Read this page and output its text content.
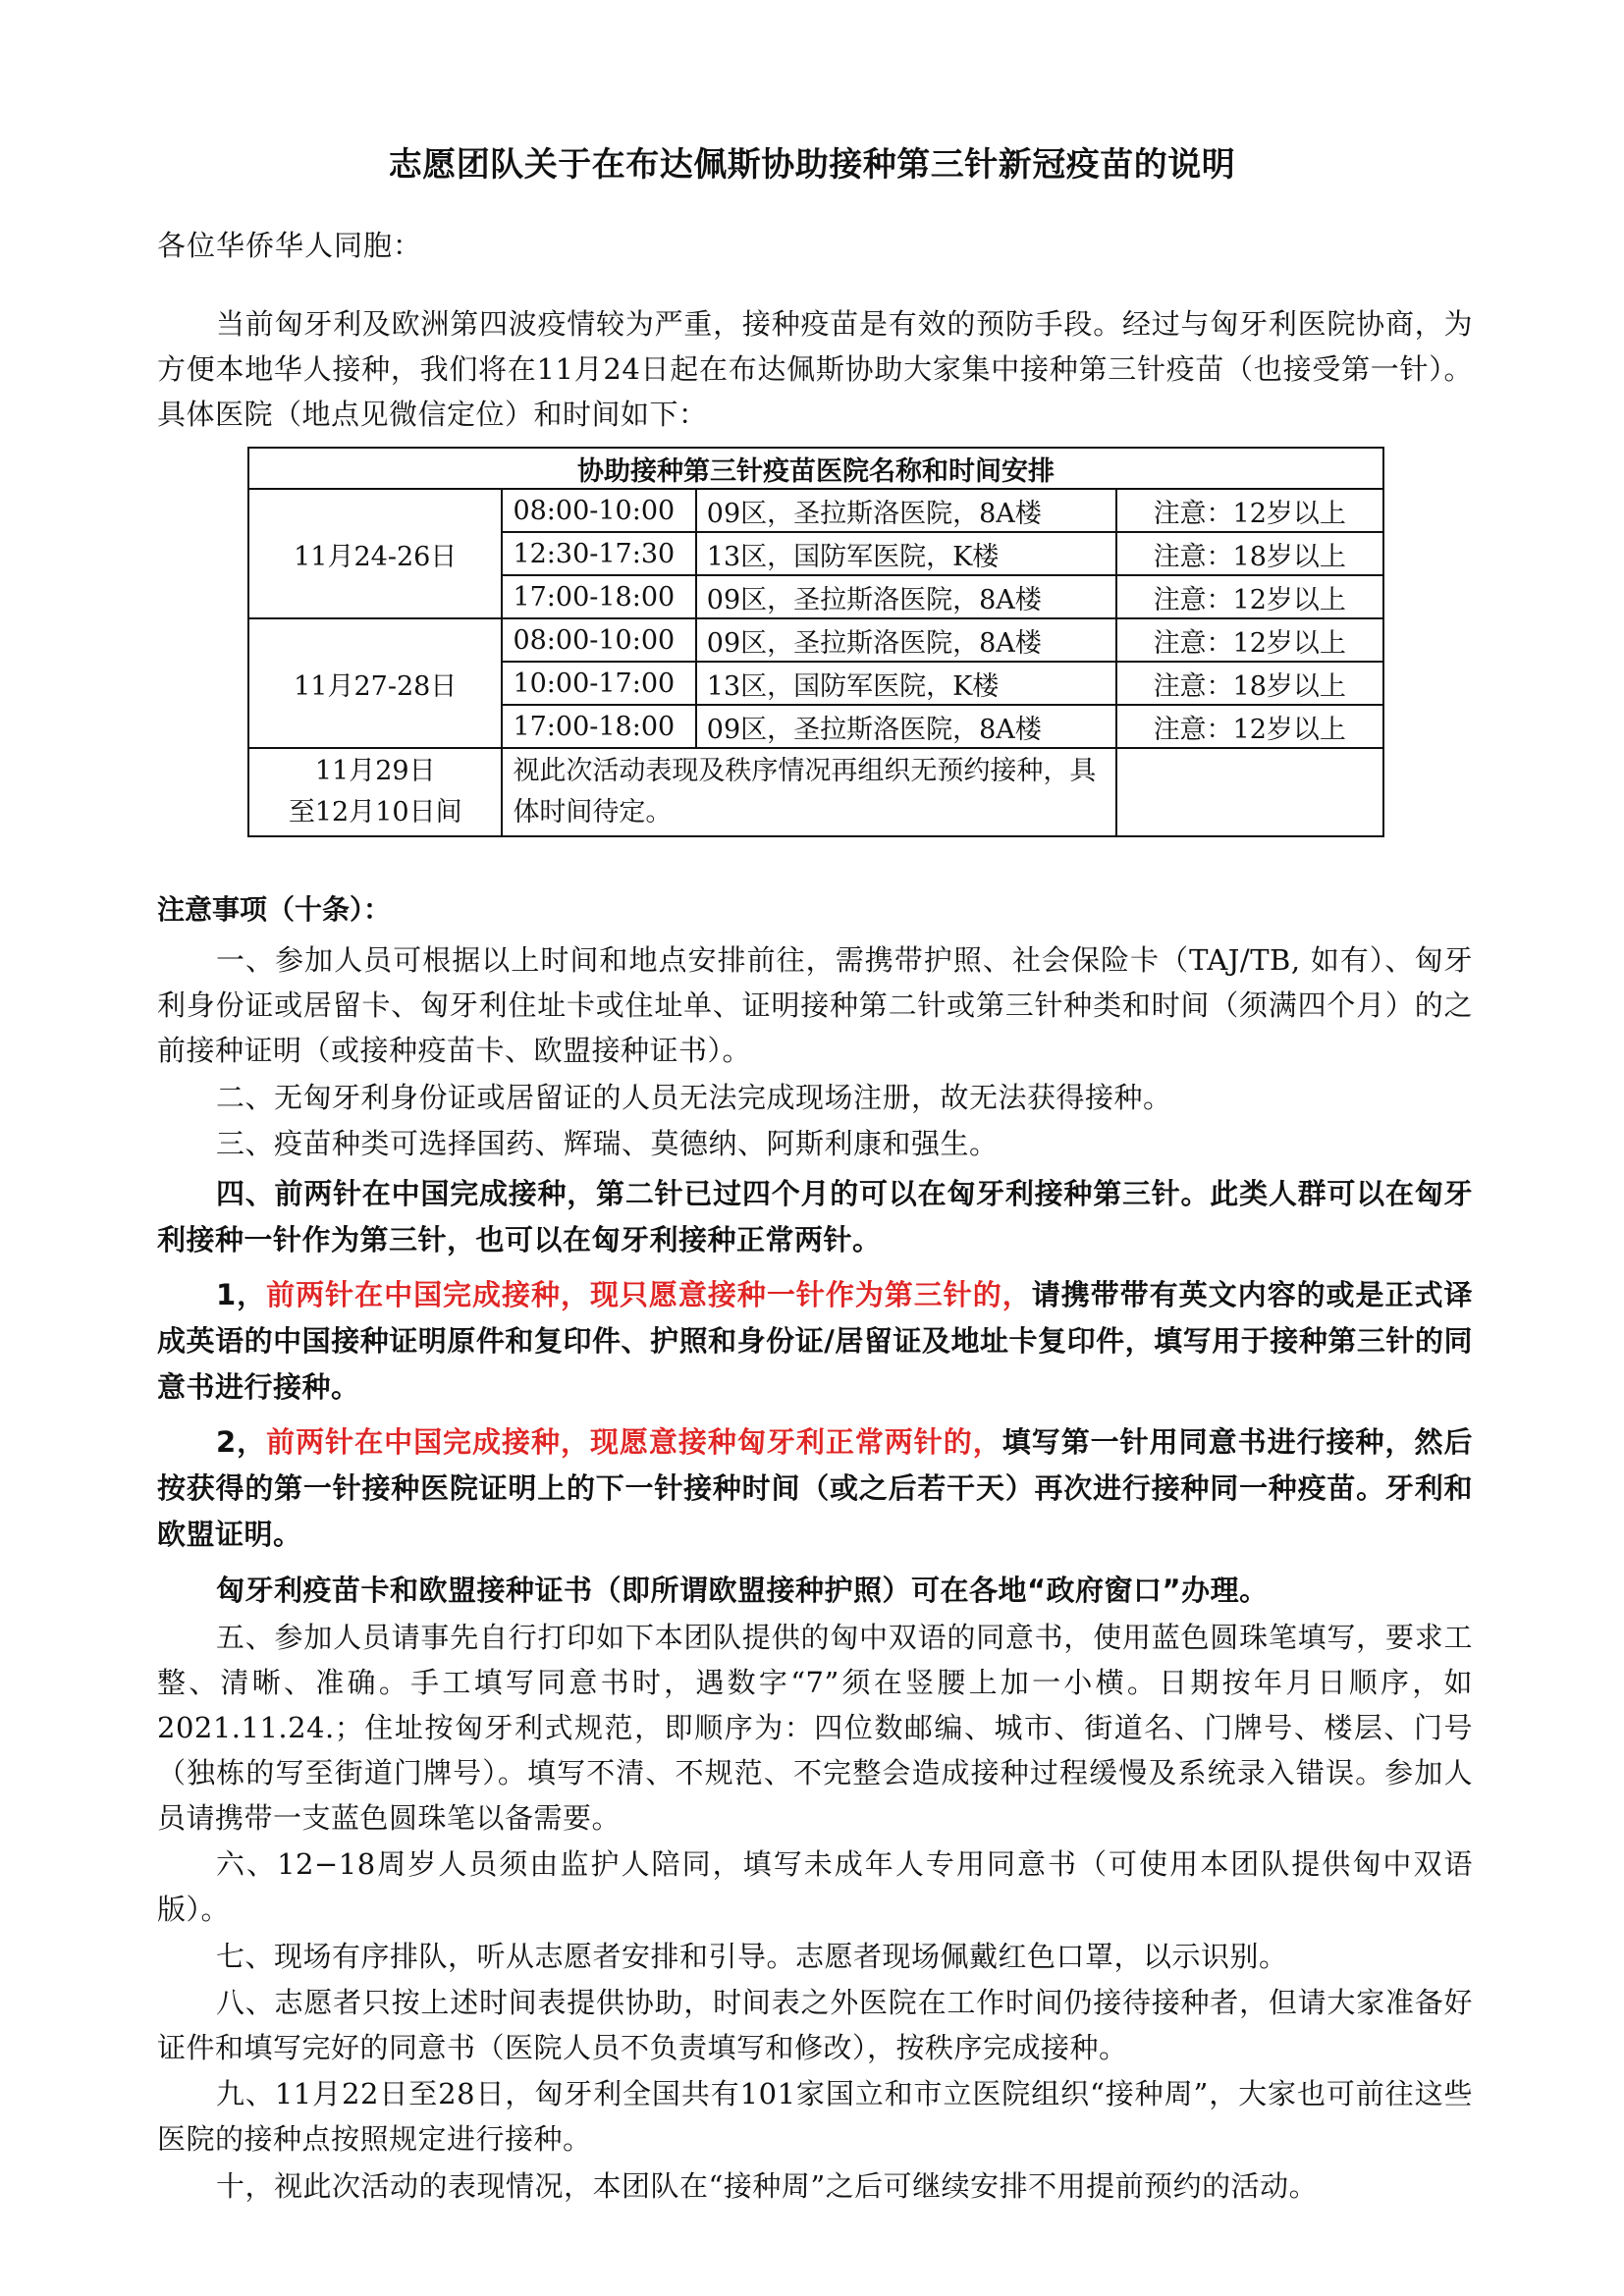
志愿团队关于在布达佩斯协助接种第三针新冠疫苗的说明
各位华侨华人同胞：
当前匈牙利及欧洲第四波疫情较为严重，接种疫苗是有效的预防手段。经过与匈牙利医院协商，为方便本地华人接种，我们将在11月24日起在布达佩斯协助大家集中接种第三针疫苗（也接受第一针）。具体医院（地点见微信定位）和时间如下：
协助接种第三针疫苗医院名称和时间安排			
11月24-26日	08:00-10:00	09区，圣拉斯洛医院，8A楼	注意：12岁以上
	12:30-17:30	13区，国防军医院，K楼	注意：18岁以上
	17:00-18:00	09区，圣拉斯洛医院，8A楼	注意：12岁以上
11月27-28日	08:00-10:00	09区，圣拉斯洛医院，8A楼	注意：12岁以上
	10:00-17:00	13区，国防军医院，K楼	注意：18岁以上
	17:00-18:00	09区，圣拉斯洛医院，8A楼	注意：12岁以上

11月29日
至12月10日间	视此次活动表现及秩序情况再组织无预约接种，具体时间待定。		
注意事项（十条）：
一、参加人员可根据以上时间和地点安排前往，需携带护照、社会保险卡（TAJ/TB, 如有）、匈牙利身份证或居留卡、匈牙利住址卡或住址单、证明接种第二针或第三针种类和时间（须满四个月）的之前接种证明（或接种疫苗卡、欧盟接种证书）。
二、无匈牙利身份证或居留证的人员无法完成现场注册，故无法获得接种。
三、疫苗种类可选择国药、辉瑞、莫德纳、阿斯利康和强生。
四、前两针在中国完成接种，第二针已过四个月的可以在匈牙利接种第三针。此类人群可以在匈牙利接种一针作为第三针，也可以在匈牙利接种正常两针。
1，前两针在中国完成接种，现只愿意接种一针作为第三针的，请携带带有英文内容的或是正式译成英语的中国接种证明原件和复印件、护照和身份证/居留证及地址卡复印件，填写用于接种第三针的同意书进行接种。
2，前两针在中国完成接种，现愿意接种匈牙利正常两针的，填写第一针用同意书进行接种，然后按获得的第一针接种医院证明上的下一针接种时间（或之后若干天）再次进行接种同一种疫苗。牙利和欧盟证明。
匈牙利疫苗卡和欧盟接种证书（即所谓欧盟接种护照）可在各地“政府窗口”办理。
五、参加人员请事先自行打印如下本团队提供的匈中双语的同意书，使用蓝色圆珠笔填写，要求工整、清晰、准确。手工填写同意书时，遇数字“7”须在竖腰上加一小横。日期按年月日顺序，如2021.11.24.；住址按匈牙利式规范，即顺序为：四位数邮编、城市、街道名、门牌号、楼层、门号（独栋的写至街道门牌号）。填写不清、不规范、不完整会造成接种过程缓慢及系统录入错误。参加人员请携带一支蓝色圆珠笔以备需要。
六、12−18周岁人员须由监护人陪同，填写未成年人专用同意书（可使用本团队提供匈中双语版）。
七、现场有序排队，听从志愿者安排和引导。志愿者现场佩戴红色口罩，以示识别。
八、志愿者只按上述时间表提供协助，时间表之外医院在工作时间仍接待接种者，但请大家准备好证件和填写完好的同意书（医院人员不负责填写和修改），按秩序完成接种。
九、11月22日至28日，匈牙利全国共有101家国立和市立医院组织“接种周”，大家也可前往这些医院的接种点按照规定进行接种。
十，视此次活动的表现情况，本团队在“接种周”之后可继续安排不用提前预约的活动。
